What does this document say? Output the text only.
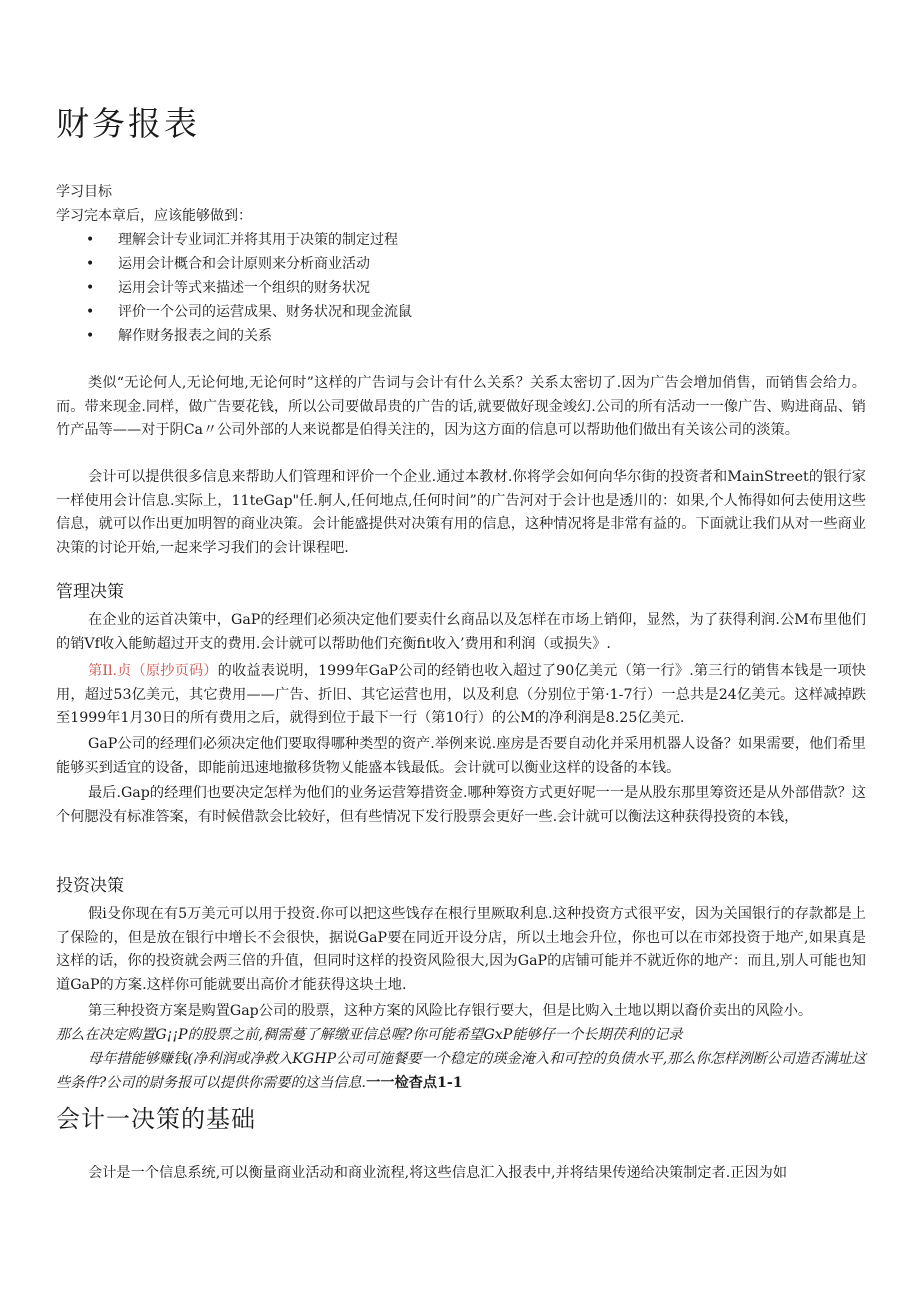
财务报表
学习目标
学习完本章后，应该能够做到：
• 理解会计专业词汇并将其用于决策的制定过程
• 运用会计概合和会计原则来分析商业活动
• 运用会计等式来描述一个组织的财务状况
• 评价一个公司的运营成果、财务状况和现金流鼠
• 解作财务报表之间的关系

类似“无论何人,无论何地,无论何时”这样的广告词与会计有什么关系？关系太密切了.因为广告会增加俏售，而销售会给力。而。带来现金.同样，做广告要花钱，所以公司要做昂贵的广告的话,就要做好现金竣幻.公司的所有活动一一像广告、购进商品、销竹产品等——对于阴Ca〃公司外部的人来说都是伯得关注的，因为这方面的信息可以帮助他们做出有关该公司的淡策。

会计可以提供很多信息来帮助人们管理和评价一个企业.通过本教材.你将学会如何向华尔街的投资者和MainStreet的银行家一样使用会计信息.实际上，11teGap"任.舸人,任何地点,任何时间”的广告河对于会计也是透川的：如果,个人怖得如何去使用这些信息，就可以作出更加明智的商业决策。会计能盛提供对决策有用的信息，这种情况将是非常有益的。下面就让我们从对一些商业决策的讨论开始,一起来学习我们的会计课程吧.

管理决策

在企业的运首决策中，GaP的经理们必须决定他们要卖什幺商品以及怎样在市场上销仰，显然，为了获得利润.公M布里他们的销Vf收入能鲂超过开支的费用.会计就可以帮助他们充衡fit收入’费用和利润（或损失》.

第Il.贞（原抄页码）的收益表说明，1999年GaP公司的经销也收入超过了90亿美元（第一行》.第三行的销售本钱是一项快用，超过53亿美元，其它费用——广告、折旧、其它运营也用，以及利息（分别位于第·1-7行）一总共是24亿美元。这样减掉跌至1999年1月30日的所有费用之后，就得到位于最下一行（第10行）的公M的净利润是8.25亿美元.

GaP公司的经理们必须决定他们要取得哪种类型的资产.举例来说.座房是否要自动化并采用机器人设备？如果需要，他们希里能够买到适宜的设备，即能前迅速地撤移货物乂能盛本钱最低。会计就可以衡业这样的设备的本钱。

最后.Gap的经理们也要决定怎样为他们的业务运营筹措资金.哪种筹资方式更好呢一一是从股东那里筹资还是从外部借款？这个何腮没有标准答案，有时候借款会比较好，但有些情况下发行股票会更好一些.会计就可以衡法这种获得投资的本钱，

投资决策

假i殳你现在有5万美元可以用于投资.你可以把这些饯存在根行里厥取利息.这种投资方式很平安，因为关国银行的存款都是上了保险的，但是放在银行中增长不会很快，据说GaP要在同近开设分店，所以土地会升位，你也可以在市郊投资于地产,如果真是这样的话，你的投资就会两三倍的升值，但同时这样的投资风险很大,因为GaP的店铺可能并不就近你的地产：而且,别人可能也知道GaP的方案.这样你可能就要出高价才能获得这块土地.

第三种投资方案是购置Gap公司的股票，这种方案的风险比存银行要大，但是比购入土地以期以裔价卖出的风险小。

那么在决定购置G¡¡P的股票之前,稠需蔓了解缴亚信总喔?你可能希望GxP能够仔一个长期茯利的记录

母年措能够赚钱(净利润或净救入KGHP公司可施餐要一个稳定的瑛金淹入和可控的负债水平,那么你怎样洌断公司造否满址这些条件?公司的尉务报可以提供你需要的这当信息.一一检杳点1-1

会计一决策的基础

会计是一个信息系统,可以衡量商业活动和商业流程,将这些信息汇入报表中,并将结果传递给决策制定者.正因为如
